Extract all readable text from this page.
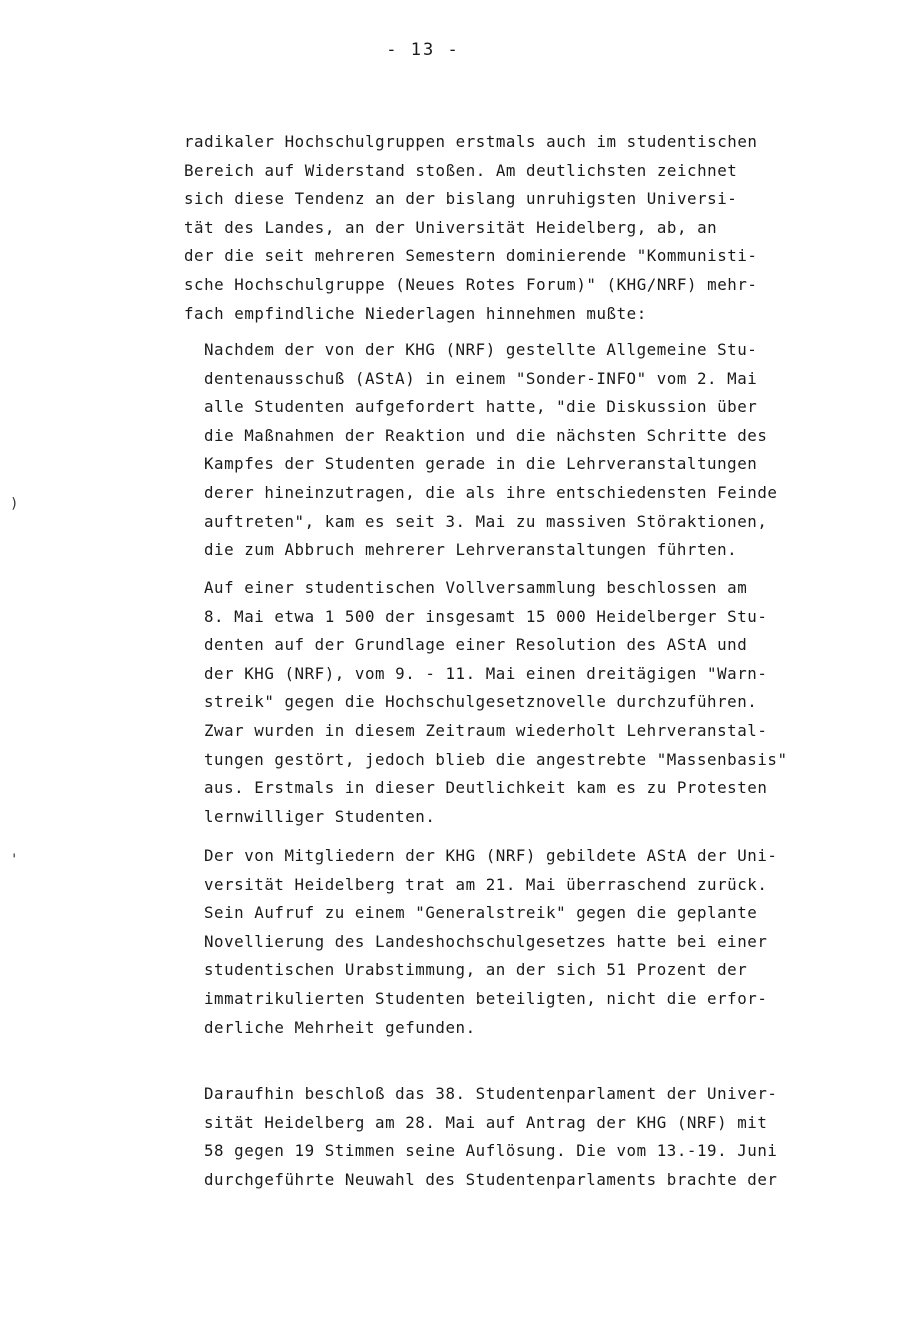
- 13 -
radikaler Hochschulgruppen erstmals auch im studentischen
Bereich auf Widerstand stoßen. Am deutlichsten zeichnet
sich diese Tendenz an der bislang unruhigsten Universi-
tät des Landes, an der Universität Heidelberg, ab, an
der die seit mehreren Semestern dominierende "Kommunisti-
sche Hochschulgruppe (Neues Rotes Forum)" (KHG/NRF) mehr-
fach empfindliche Niederlagen hinnehmen mußte:
Nachdem der von der KHG (NRF) gestellte Allgemeine Stu-
dentenausschuß (AStA) in einem "Sonder-INFO" vom 2. Mai
alle Studenten aufgefordert hatte, "die Diskussion über
die Maßnahmen der Reaktion und die nächsten Schritte des
Kampfes der Studenten gerade in die Lehrveranstaltungen
derer hineinzutragen, die als ihre entschiedensten Feinde
auftreten", kam es seit 3. Mai zu massiven Störaktionen,
die zum Abbruch mehrerer Lehrveranstaltungen führten.
Auf einer studentischen Vollversammlung beschlossen am
8. Mai etwa 1 500 der insgesamt 15 000 Heidelberger Stu-
denten auf der Grundlage einer Resolution des AStA und
der KHG (NRF), vom 9. - 11. Mai einen dreitägigen "Warn-
streik" gegen die Hochschulgesetznovelle durchzuführen.
Zwar wurden in diesem Zeitraum wiederholt Lehrveranstal-
tungen gestört, jedoch blieb die angestrebte "Massenbasis"
aus. Erstmals in dieser Deutlichkeit kam es zu Protesten
lernwilliger Studenten.
Der von Mitgliedern der KHG (NRF) gebildete AStA der Uni-
versität Heidelberg trat am 21. Mai überraschend zurück.
Sein Aufruf zu einem "Generalstreik" gegen die geplante
Novellierung des Landeshochschulgesetzes hatte bei einer
studentischen Urabstimmung, an der sich 51 Prozent der
immatrikulierten Studenten beteiligten, nicht die erfor-
derliche Mehrheit gefunden.
Daraufhin beschloß das 38. Studentenparlament der Univer-
sität Heidelberg am 28. Mai auf Antrag der KHG (NRF) mit
58 gegen 19 Stimmen seine Auflösung. Die vom 13.-19. Juni
durchgeführte Neuwahl des Studentenparlaments brachte der
)
'
